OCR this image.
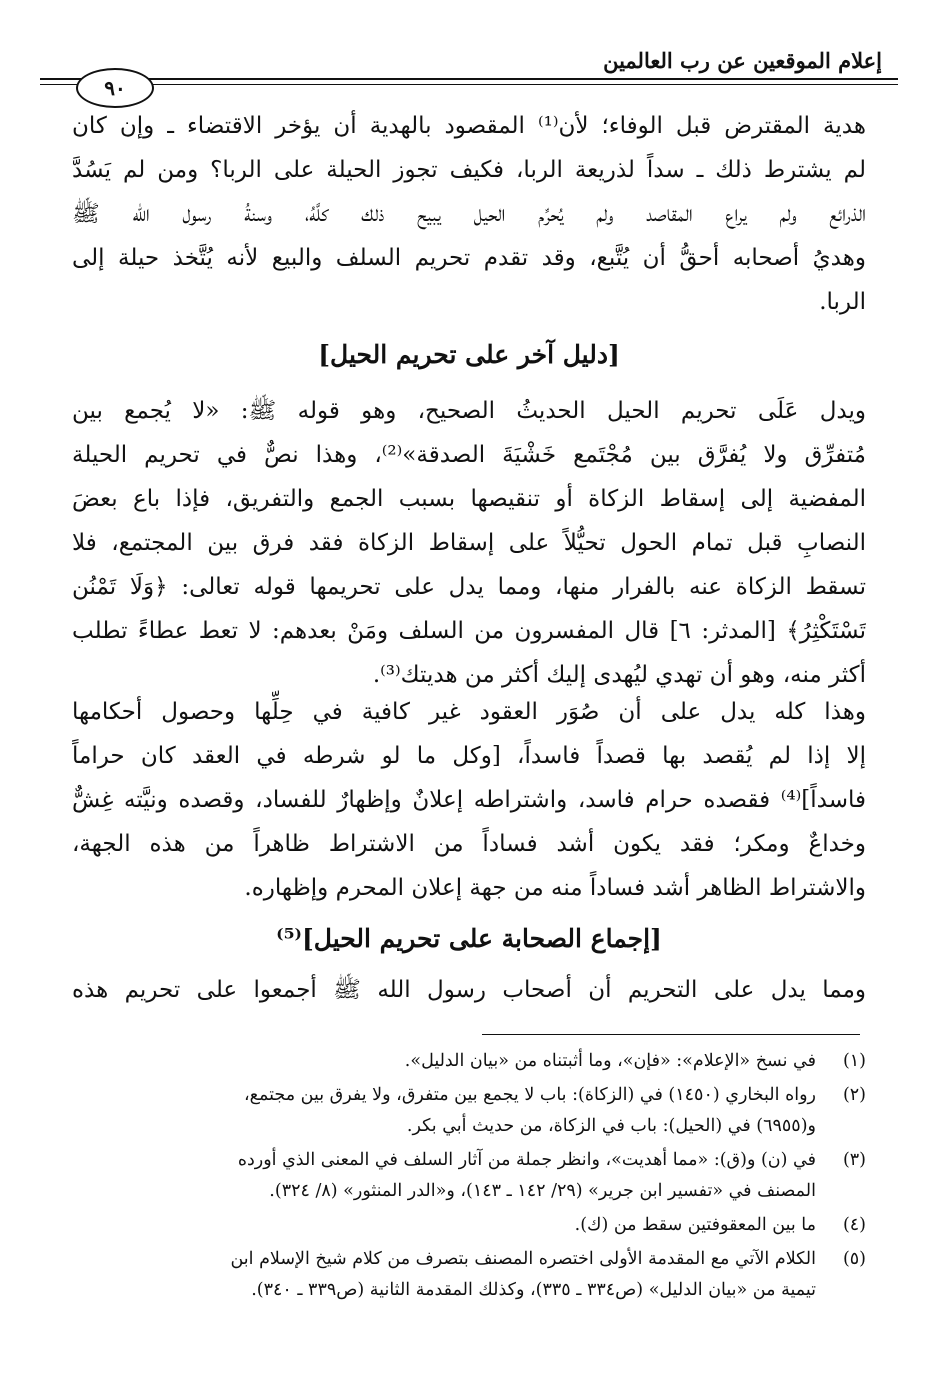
إعلام الموقعين عن رب العالمين
٩٠
هدية المقترض قبل الوفاء؛ لأن⁽¹⁾ المقصود بالهدية أن يؤخر الاقتضاء ـ وإن كان
لم يشترط ذلك ـ سداً لذريعة الربا، فكيف تجوز الحيلة على الربا؟ ومن لم يَسُدَّ
الذرائع ولم يراع المقاصد ولم يُحرِّم الحيل يبيح ذلك كلَّهُ، وسنةُ رسول الله ﷺ
وهديُ أصحابه أحقُّ أن يُتَّبع، وقد تقدم تحريم السلف والبيع لأنه يُتَّخذ حيلة إلى
الربا.
[دليل آخر على تحريم الحيل]
ويدل عَلَى تحريم الحيل الحديثُ الصحيح، وهو قوله ﷺ: «لا يُجمع بين
مُتفرِّق ولا يُفرَّق بين مُجْتَمع خَشْيَةَ الصدقة»⁽²⁾، وهذا نصٌّ في تحريم الحيلة
المفضية إلى إسقاط الزكاة أو تنقيصها بسبب الجمع والتفريق، فإذا باع بعضَ
النصابِ قبل تمام الحول تحيُّلاً على إسقاط الزكاة فقد فرق بين المجتمع، فلا
تسقط الزكاة عنه بالفرار منها، ومما يدل على تحريمها قوله تعالى: ﴿وَلَا تَمْنُن
تَسْتَكْثِرُ﴾ [المدثر: ٦] قال المفسرون من السلف ومَنْ بعدهم: لا تعط عطاءً تطلب
أكثر منه، وهو أن تهدي ليُهدى إليك أكثر من هديتك⁽³⁾.
وهذا كله يدل على أن صُوَر العقود غير كافية في حِلِّها وحصول أحكامها
إلا إذا لم يُقصد بها قصداً فاسداً، [وكل ما لو شرطه في العقد كان حراماً
فاسداً]⁽⁴⁾ فقصده حرام فاسد، واشتراطه إعلانٌ وإظهارٌ للفساد، وقصده ونيَّته غِشٌّ
وخداعٌ ومكر؛ فقد يكون أشد فساداً من الاشتراط ظاهراً من هذه الجهة،
والاشتراط الظاهر أشد فساداً منه من جهة إعلان المحرم وإظهاره.
[إجماع الصحابة على تحريم الحيل]⁽⁵⁾
ومما يدل على التحريم أن أصحاب رسول الله ﷺ أجمعوا على تحريم هذه
(١)
في نسخ «الإعلام»: «فإن»، وما أثبتناه من «بيان الدليل».
(٢)
رواه البخاري (١٤٥٠) في (الزكاة): باب لا يجمع بين متفرق، ولا يفرق بين مجتمع،
و(٦٩٥٥) في (الحيل): باب في الزكاة، من حديث أبي بكر.
(٣)
في (ن) و(ق): «مما أهديت»، وانظر جملة من آثار السلف في المعنى الذي أورده
المصنف في «تفسير ابن جرير» (٢٩/ ١٤٢ ـ ١٤٣)، و«الدر المنثور» (٨/ ٣٢٤).
(٤)
ما بين المعقوفتين سقط من (ك).
(٥)
الكلام الآتي مع المقدمة الأولى اختصره المصنف بتصرف من كلام شيخ الإسلام ابن
تيمية من «بيان الدليل» (ص٣٣٤ ـ ٣٣٥)، وكذلك المقدمة الثانية (ص٣٣٩ ـ ٣٤٠).
